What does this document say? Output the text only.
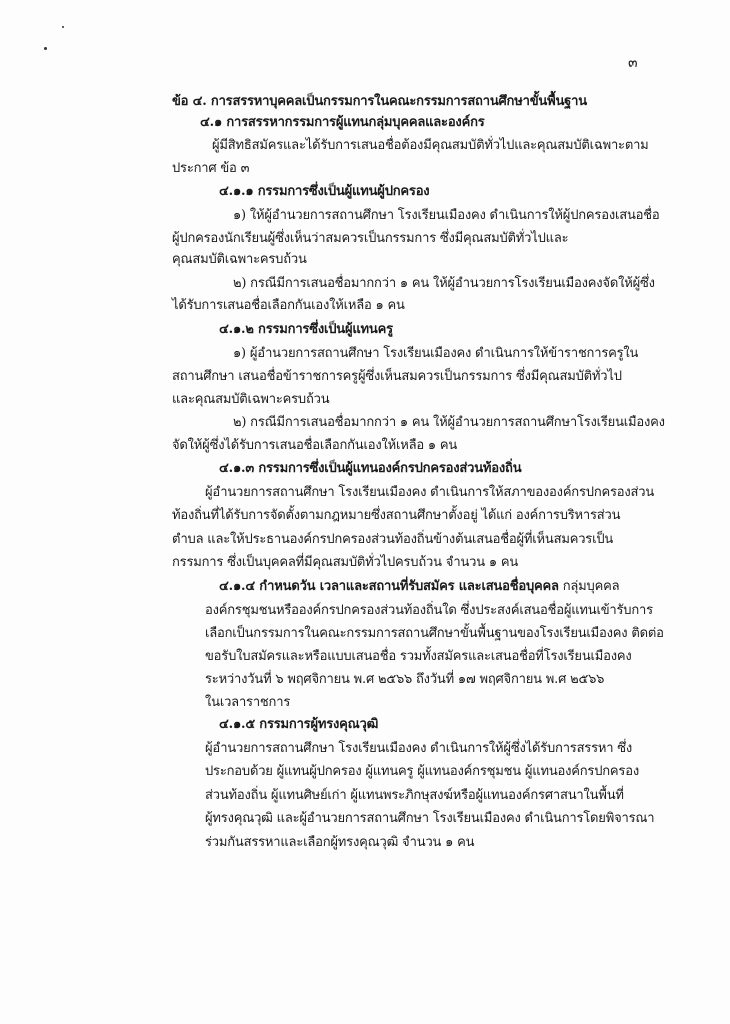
๓
ข้อ ๔. การสรรหาบุคคลเป็นกรรมการในคณะกรรมการสถานศึกษาขั้นพื้นฐาน
๔.๑ การสรรหากรรมการผู้แทนกลุ่มบุคคลและองค์กร
ผู้มีสิทธิสมัครและได้รับการเสนอชื่อต้องมีคุณสมบัติทั่วไปและคุณสมบัติเฉพาะตาม
ประกาศ ข้อ ๓
๔.๑.๑ กรรมการซึ่งเป็นผู้แทนผู้ปกครอง
๑) ให้ผู้อำนวยการสถานศึกษา โรงเรียนเมืองคง ดำเนินการให้ผู้ปกครองเสนอชื่อ
ผู้ปกครองนักเรียนผู้ซึ่งเห็นว่าสมควรเป็นกรรมการ ซึ่งมีคุณสมบัติทั่วไปและ
คุณสมบัติเฉพาะครบถ้วน
๒) กรณีมีการเสนอชื่อมากกว่า ๑ คน ให้ผู้อำนวยการโรงเรียนเมืองคงจัดให้ผู้ซึ่ง
ได้รับการเสนอชื่อเลือกกันเองให้เหลือ ๑ คน
๔.๑.๒ กรรมการซึ่งเป็นผู้แทนครู
๑) ผู้อำนวยการสถานศึกษา โรงเรียนเมืองคง ดำเนินการให้ข้าราชการครูใน
สถานศึกษา เสนอชื่อข้าราชการครูผู้ซึ่งเห็นสมควรเป็นกรรมการ ซึ่งมีคุณสมบัติทั่วไป
และคุณสมบัติเฉพาะครบถ้วน
๒) กรณีมีการเสนอชื่อมากกว่า ๑ คน ให้ผู้อำนวยการสถานศึกษาโรงเรียนเมืองคง
จัดให้ผู้ซึ่งได้รับการเสนอชื่อเลือกกันเองให้เหลือ ๑ คน
๔.๑.๓ กรรมการซึ่งเป็นผู้แทนองค์กรปกครองส่วนท้องถิ่น
ผู้อำนวยการสถานศึกษา โรงเรียนเมืองคง ดำเนินการให้สภาขององค์กรปกครองส่วน
ท้องถิ่นที่ได้รับการจัดตั้งตามกฎหมายซึ่งสถานศึกษาตั้งอยู่ ได้แก่ องค์การบริหารส่วน
ตำบล และให้ประธานองค์กรปกครองส่วนท้องถิ่นข้างต้นเสนอชื่อผู้ที่เห็นสมควรเป็น
กรรมการ ซึ่งเป็นบุคคลที่มีคุณสมบัติทั่วไปครบถ้วน จำนวน ๑ คน
๔.๑.๔ กำหนดวัน เวลาและสถานที่รับสมัคร และเสนอชื่อบุคคล กลุ่มบุคคล
องค์กรชุมชนหรือองค์กรปกครองส่วนท้องถิ่นใด ซึ่งประสงค์เสนอชื่อผู้แทนเข้ารับการ
เลือกเป็นกรรมการในคณะกรรมการสถานศึกษาขั้นพื้นฐานของโรงเรียนเมืองคง ติดต่อ
ขอรับใบสมัครและหรือแบบเสนอชื่อ รวมทั้งสมัครและเสนอชื่อที่โรงเรียนเมืองคง
ระหว่างวันที่ ๖ พฤศจิกายน พ.ศ ๒๕๖๖ ถึงวันที่ ๑๗ พฤศจิกายน พ.ศ ๒๕๖๖
ในเวลาราชการ
๔.๑.๕ กรรมการผู้ทรงคุณวุฒิ
ผู้อำนวยการสถานศึกษา โรงเรียนเมืองคง ดำเนินการให้ผู้ซึ่งได้รับการสรรหา ซึ่ง
ประกอบด้วย ผู้แทนผู้ปกครอง ผู้แทนครู ผู้แทนองค์กรชุมชน ผู้แทนองค์กรปกครอง
ส่วนท้องถิ่น ผู้แทนศิษย์เก่า ผู้แทนพระภิกษุสงฆ์หรือผู้แทนองค์กรศาสนาในพื้นที่
ผู้ทรงคุณวุฒิ และผู้อำนวยการสถานศึกษา โรงเรียนเมืองคง ดำเนินการโดยพิจารณา
ร่วมกันสรรหาและเลือกผู้ทรงคุณวุฒิ จำนวน ๑ คน
